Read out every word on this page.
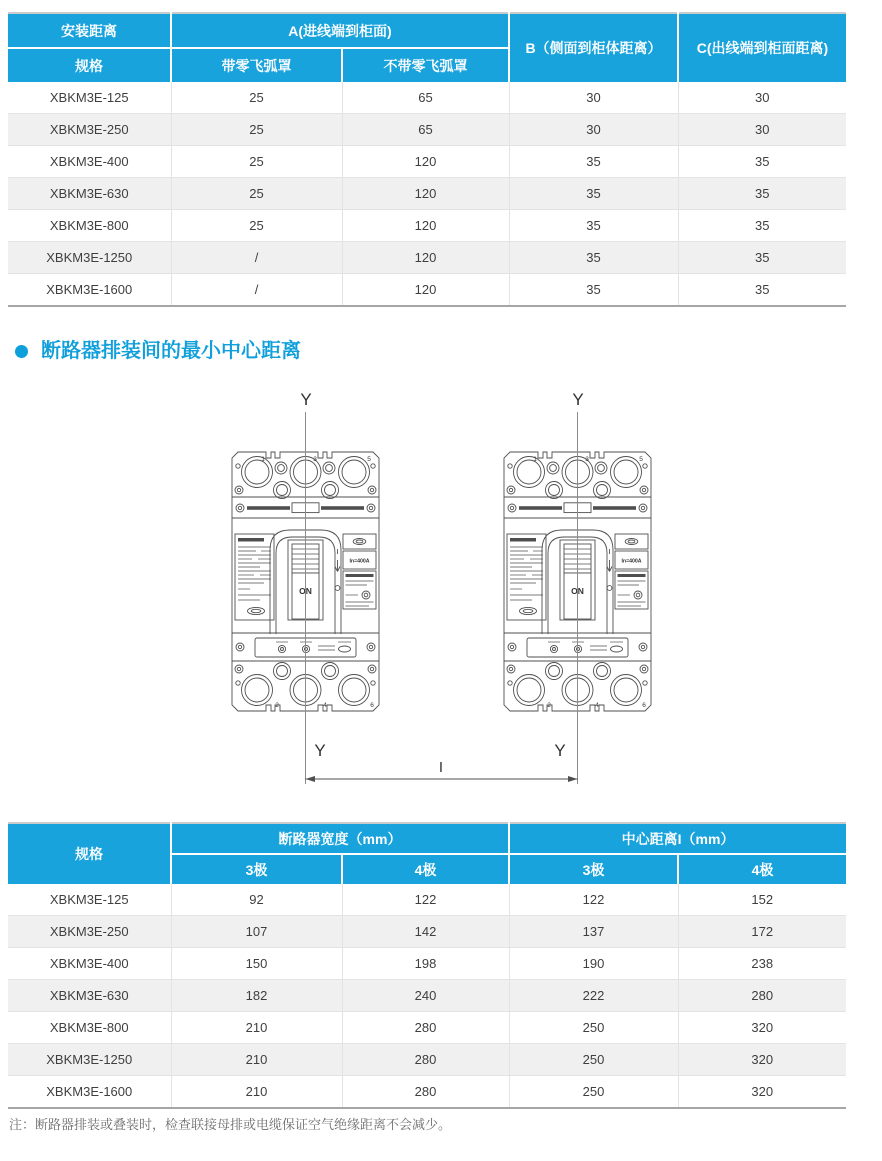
安装距离	A(进线端到柜面)		B（侧面到柜体距离）	C(出线端到柜面距离)
规格	带零飞弧罩	不带零飞弧罩		
XBKM3E-125	25	65	30	30
XBKM3E-250	25	65	30	30
XBKM3E-400	25	120	35	35
XBKM3E-630	25	120	35	35
XBKM3E-800	25	120	35	35
XBKM3E-1250	/	120	35	35
XBKM3E-1600	/	120	35	35
断路器排装间的最小中心距离
1	3	5
ON
I
I
In=400A
2	4	6
Y	Y
Y	Y
I
规格	断路器宽度（mm）		中心距离I（mm）	
	3极	4极	3极	4极
XBKM3E-125	92	122	122	152
XBKM3E-250	107	142	137	172
XBKM3E-400	150	198	190	238
XBKM3E-630	182	240	222	280
XBKM3E-800	210	280	250	320
XBKM3E-1250	210	280	250	320
XBKM3E-1600	210	280	250	320

注：断路器排装或叠装时，检查联接母排或电缆保证空气绝缘距离不会减少。
